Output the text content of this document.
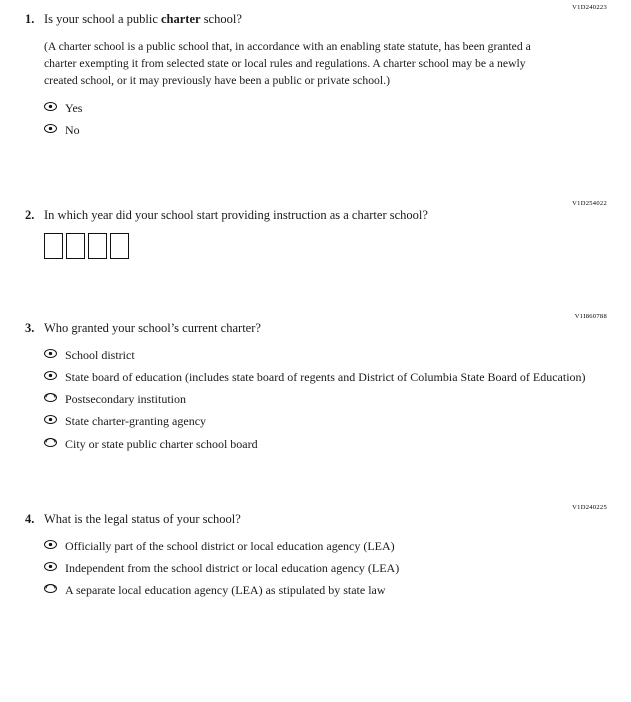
V1D240223
1. Is your school a public charter school?
(A charter school is a public school that, in accordance with an enabling state statute, has been granted a charter exempting it from selected state or local rules and regulations. A charter school may be a newly created school, or it may previously have been a public or private school.)
Yes
No
V1D254022
2. In which year did your school start providing instruction as a charter school?
V1I860788
3. Who granted your school’s current charter?
School district
State board of education (includes state board of regents and District of Columbia State Board of Education)
Postsecondary institution
State charter-granting agency
City or state public charter school board
V1D240225
4. What is the legal status of your school?
Officially part of the school district or local education agency (LEA)
Independent from the school district or local education agency (LEA)
A separate local education agency (LEA) as stipulated by state law
